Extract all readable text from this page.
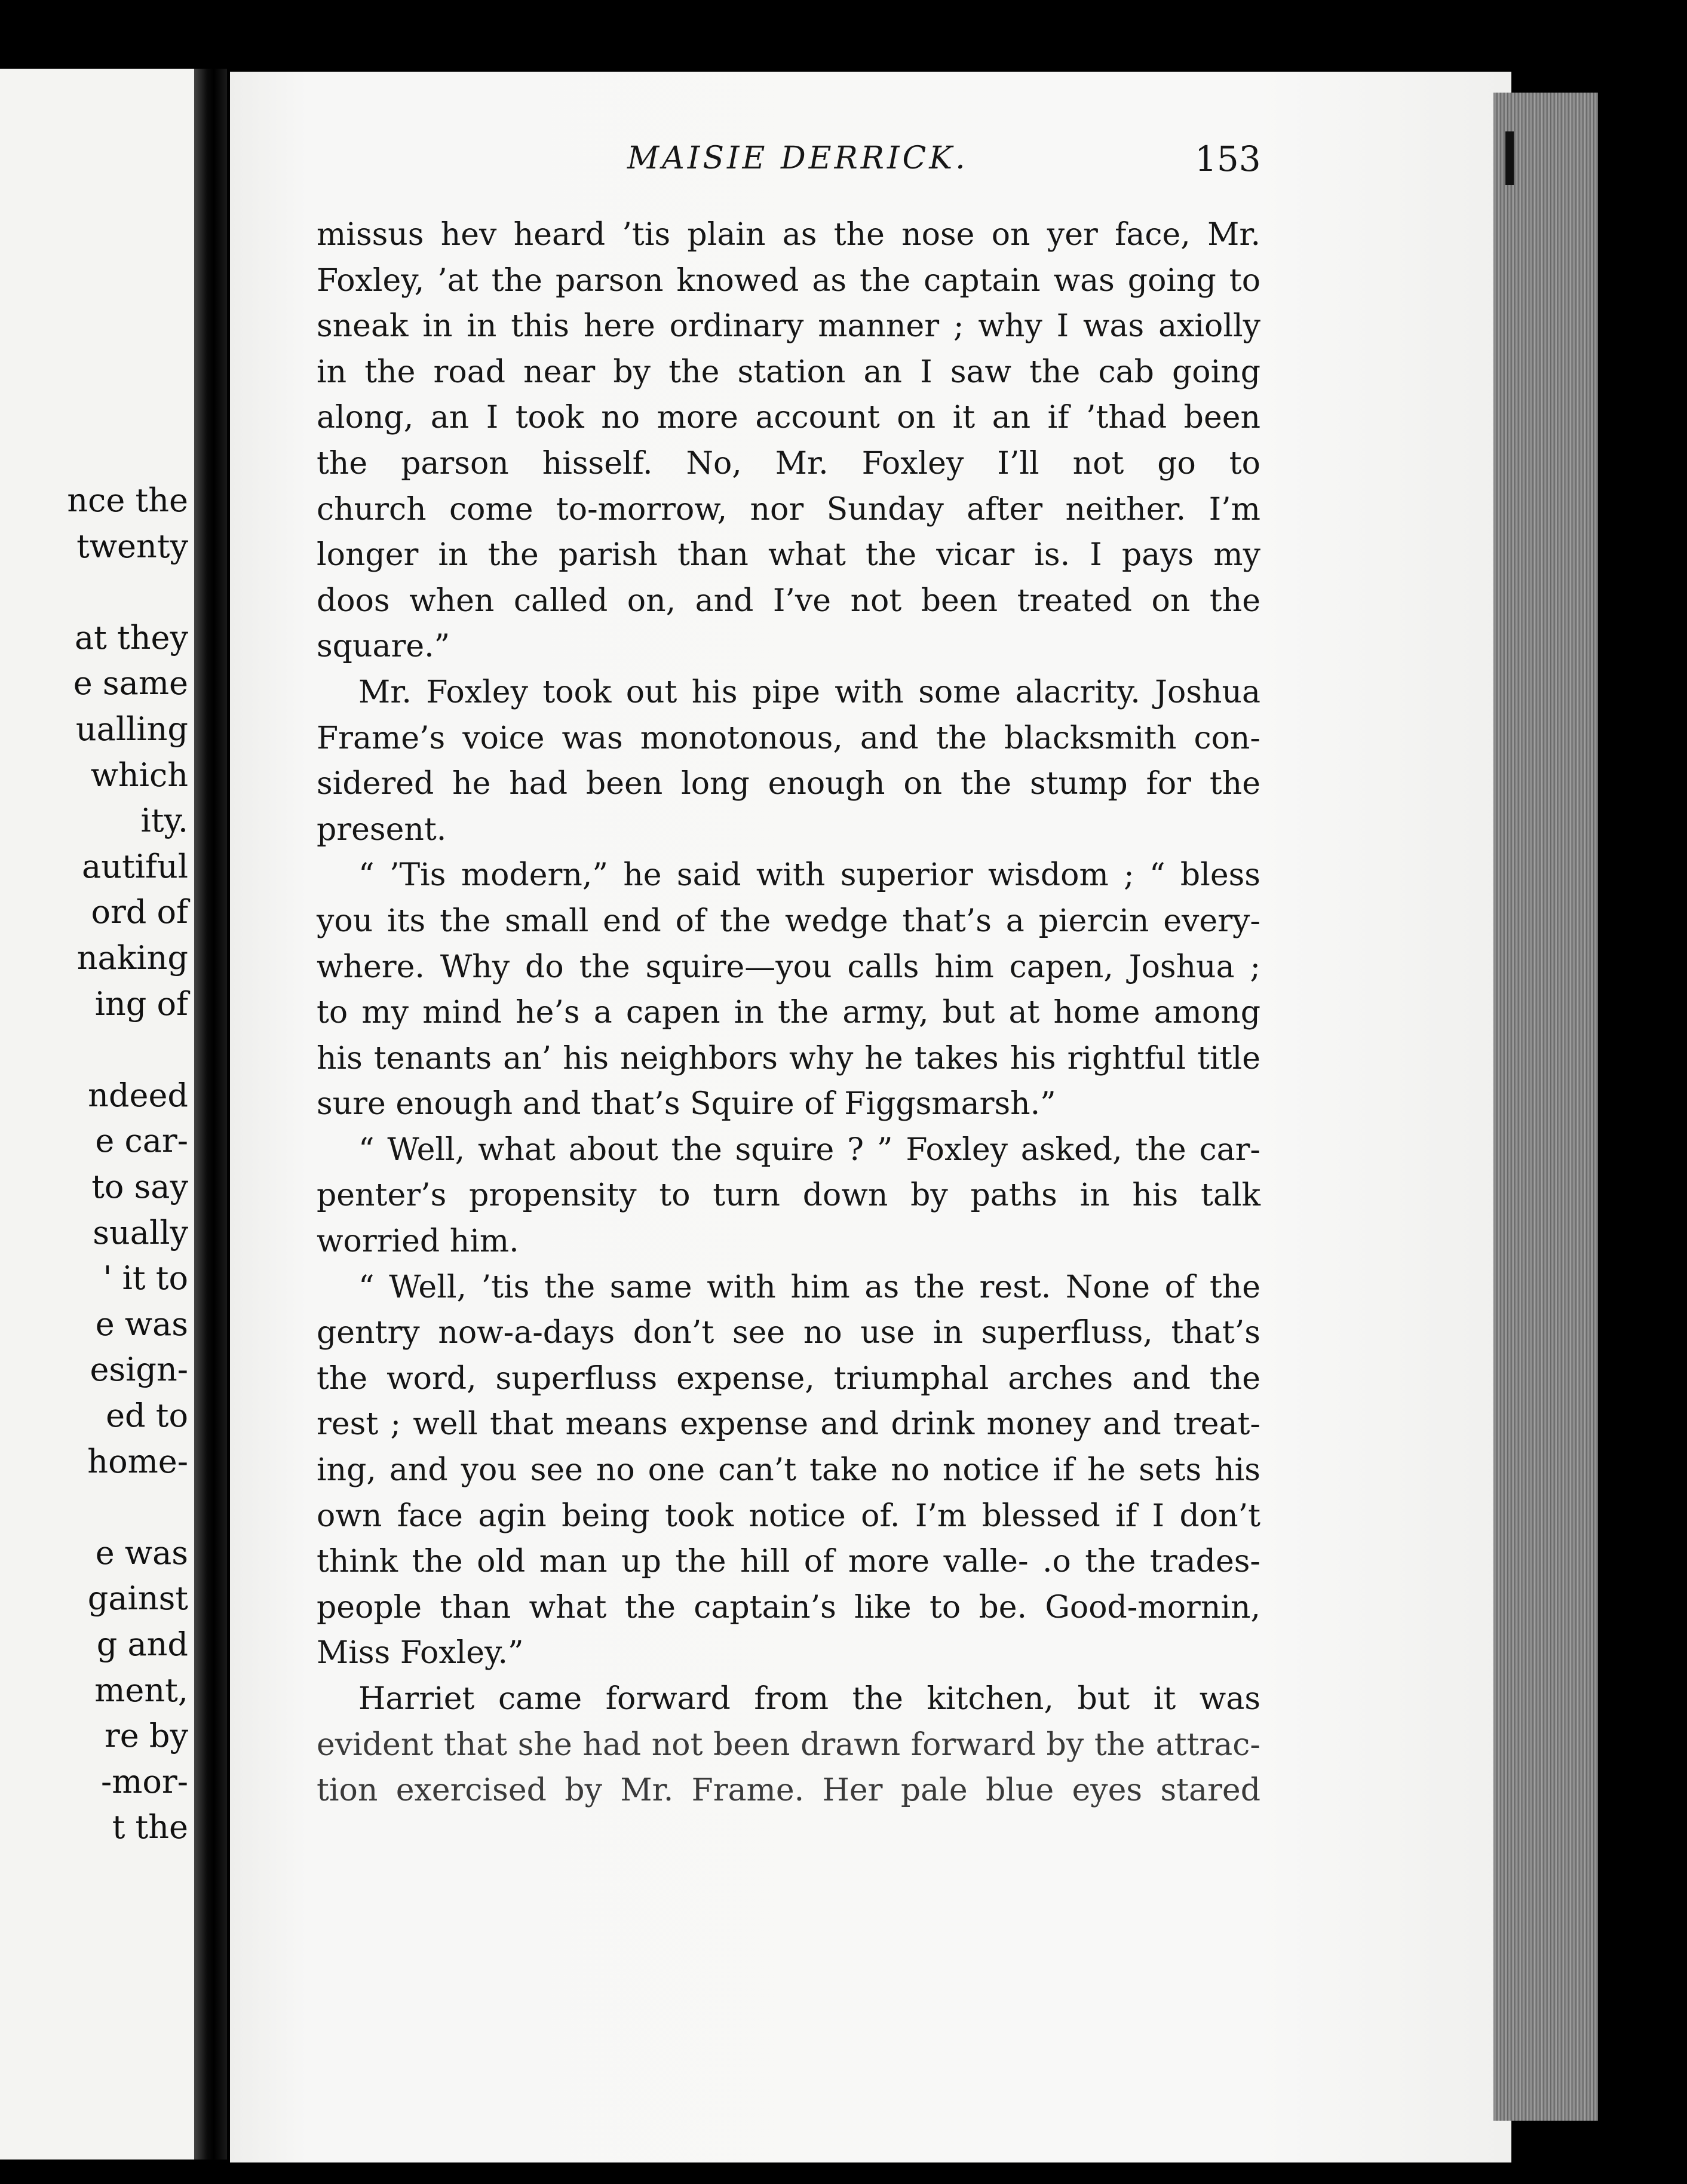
nce the
twenty
at they
e same
ualling
which
ity.
autiful
ord of
naking
ing of
ndeed
e car-
to say
sually
' it to
e was
esign-
ed to
home-
e was
gainst
g and
ment,
re by
-mor-
t the
MAISIE DERRICK.	153
missus hev heard ’tis plain as the nose on yer face, Mr.
Foxley, ’at the parson knowed as the captain was going to
sneak in in this here ordinary manner ; why I was axiolly
in the road near by the station an I saw the cab going
along, an I took no more account on it an if ’thad been
the parson hisself. No, Mr. Foxley I’ll not go to
church come to-morrow, nor Sunday after neither. I’m
longer in the parish than what the vicar is. I pays my
doos when called on, and I’ve not been treated on the
square.”
Mr. Foxley took out his pipe with some alacrity. Joshua
Frame’s voice was monotonous, and the blacksmith con-
sidered he had been long enough on the stump for the
present.
“ ’Tis modern,” he said with superior wisdom ; “ bless
you its the small end of the wedge that’s a piercin every-
where. Why do the squire—you calls him capen, Joshua ;
to my mind he’s a capen in the army, but at home among
his tenants an’ his neighbors why he takes his rightful title
sure enough and that’s Squire of Figgsmarsh.”
“ Well, what about the squire ? ” Foxley asked, the car-
penter’s propensity to turn down by paths in his talk
worried him.
“ Well, ’tis the same with him as the rest. None of the
gentry now-a-days don’t see no use in superfluss, that’s
the word, superfluss expense, triumphal arches and the
rest ; well that means expense and drink money and treat-
ing, and you see no one can’t take no notice if he sets his
own face agin being took notice of. I’m blessed if I don’t
think the old man up the hill of more valle- .o the trades-
people than what the captain’s like to be. Good-mornin,
Miss Foxley.”
Harriet came forward from the kitchen, but it was
evident that she had not been drawn forward by the attrac-
tion exercised by Mr. Frame. Her pale blue eyes stared
